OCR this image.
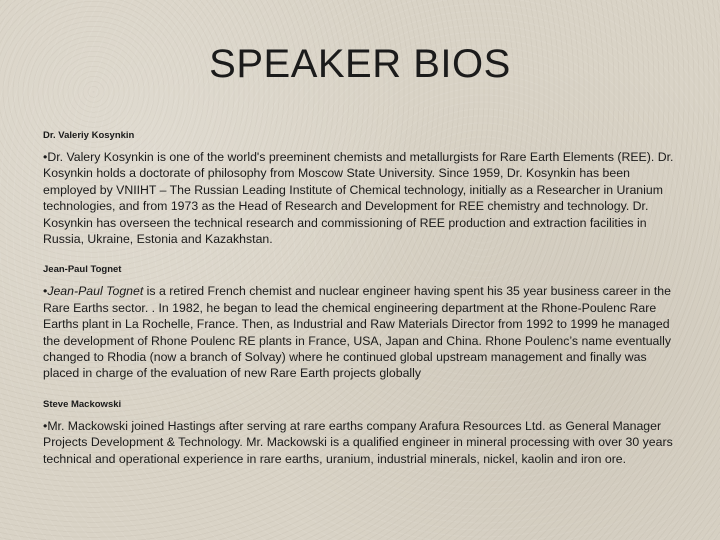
SPEAKER BIOS

Dr. Valeriy Kosynkin

•Dr. Valery Kosynkin is one of the world's preeminent chemists and metallurgists for Rare Earth Elements (REE). Dr. Kosynkin holds a doctorate of philosophy from Moscow State University. Since 1959, Dr. Kosynkin has been employed by VNIIHT – The Russian Leading Institute of Chemical technology, initially as a Researcher in Uranium technologies, and from 1973 as the Head of Research and Development for REE chemistry and technology. Dr. Kosynkin has overseen the technical research and commissioning of REE production and extraction facilities in Russia, Ukraine, Estonia and Kazakhstan.

Jean-Paul Tognet

•Jean-Paul Tognet is a retired French chemist and nuclear engineer having spent his 35 year business career in the Rare Earths sector. . In 1982, he began to lead the chemical engineering department at the Rhone-Poulenc Rare Earths plant in La Rochelle, France. Then, as Industrial and Raw Materials Director from 1992 to 1999 he managed the development of Rhone Poulenc RE plants in France, USA, Japan and China. Rhone Poulenc’s name eventually changed to Rhodia (now a branch of Solvay) where he continued global upstream management and finally was placed in charge of the evaluation of new Rare Earth projects globally

Steve Mackowski

•Mr. Mackowski joined Hastings after serving at rare earths company Arafura Resources Ltd. as General Manager Projects Development & Technology. Mr. Mackowski is a qualified engineer in mineral processing with over 30 years technical and operational experience in rare earths, uranium, industrial minerals, nickel, kaolin and iron ore.
